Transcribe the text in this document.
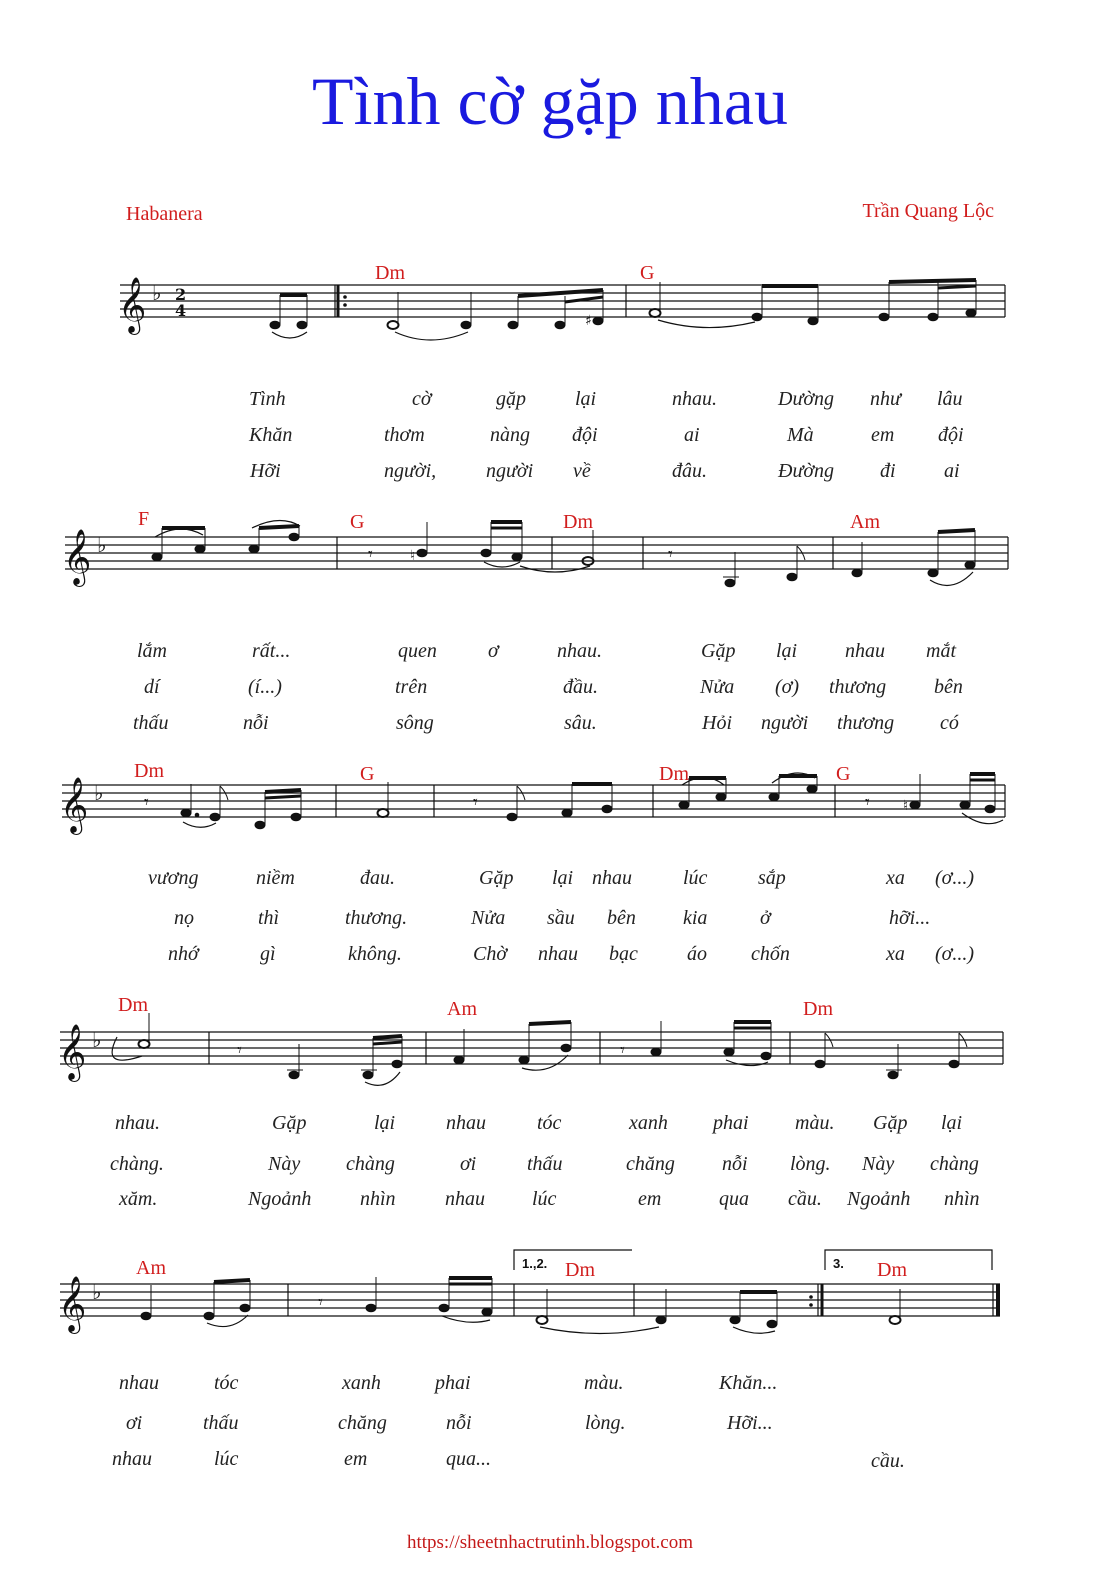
Tình cờ gặp nhau
Habanera	Trần Quang Lộc
𝄞 ♭ 2
4
♯
Dm	G
Tình	cờ	gặp lại	nhau.	Dường như lâu
Khăn	thơm	nàng đội	ai	Mà	em đội
Hỡi	người, người về	đâu.	Đường đi ai
𝄞 ♭	𝄾	𝄾
♮
F	G	Dm	Am
lắm	rất...	quen	ơ	nhau.	Gặp lại nhau mắt
dí	(í...)	trên	đầu.	Nửa (ơ) thương bên
thấu	nỗi	sông	sâu.	Hỏi người thương có
𝄞 ♭ 𝄾	𝄾	𝄾 ♮
Dm	G	Dm	G
vương	niềm	đau.	Gặp lại nhau	lúc	sắp	xa (ơ...)
nọ	thì	thương.	Nửa sầu bên kia	ở	hỡi...
nhớ	gì	không.	Chờ nhau bạc áo chốn	xa (ơ...)
𝄞 ♭	𝄾	𝄾
Dm	Am	Dm
nhau.	Gặp	lại	nhau	tóc	xanh phai màu. Gặp lại
chàng.	Này chàng	ơi	thấu	chăng nỗi lòng. Này chàng
xăm.	Ngoảnh nhìn nhau lúc	em	qua cầu. Ngoảnh nhìn
𝄞 ♭	𝄾
1.,2.	3.
Am	Dm	Dm
nhau	tóc	xanh	phai	màu.	Khăn...
ơi	thấu	chăng	nỗi	lòng.	Hỡi...
nhau	lúc	em	qua...	cầu.
https://sheetnhactrutinh.blogspot.com
